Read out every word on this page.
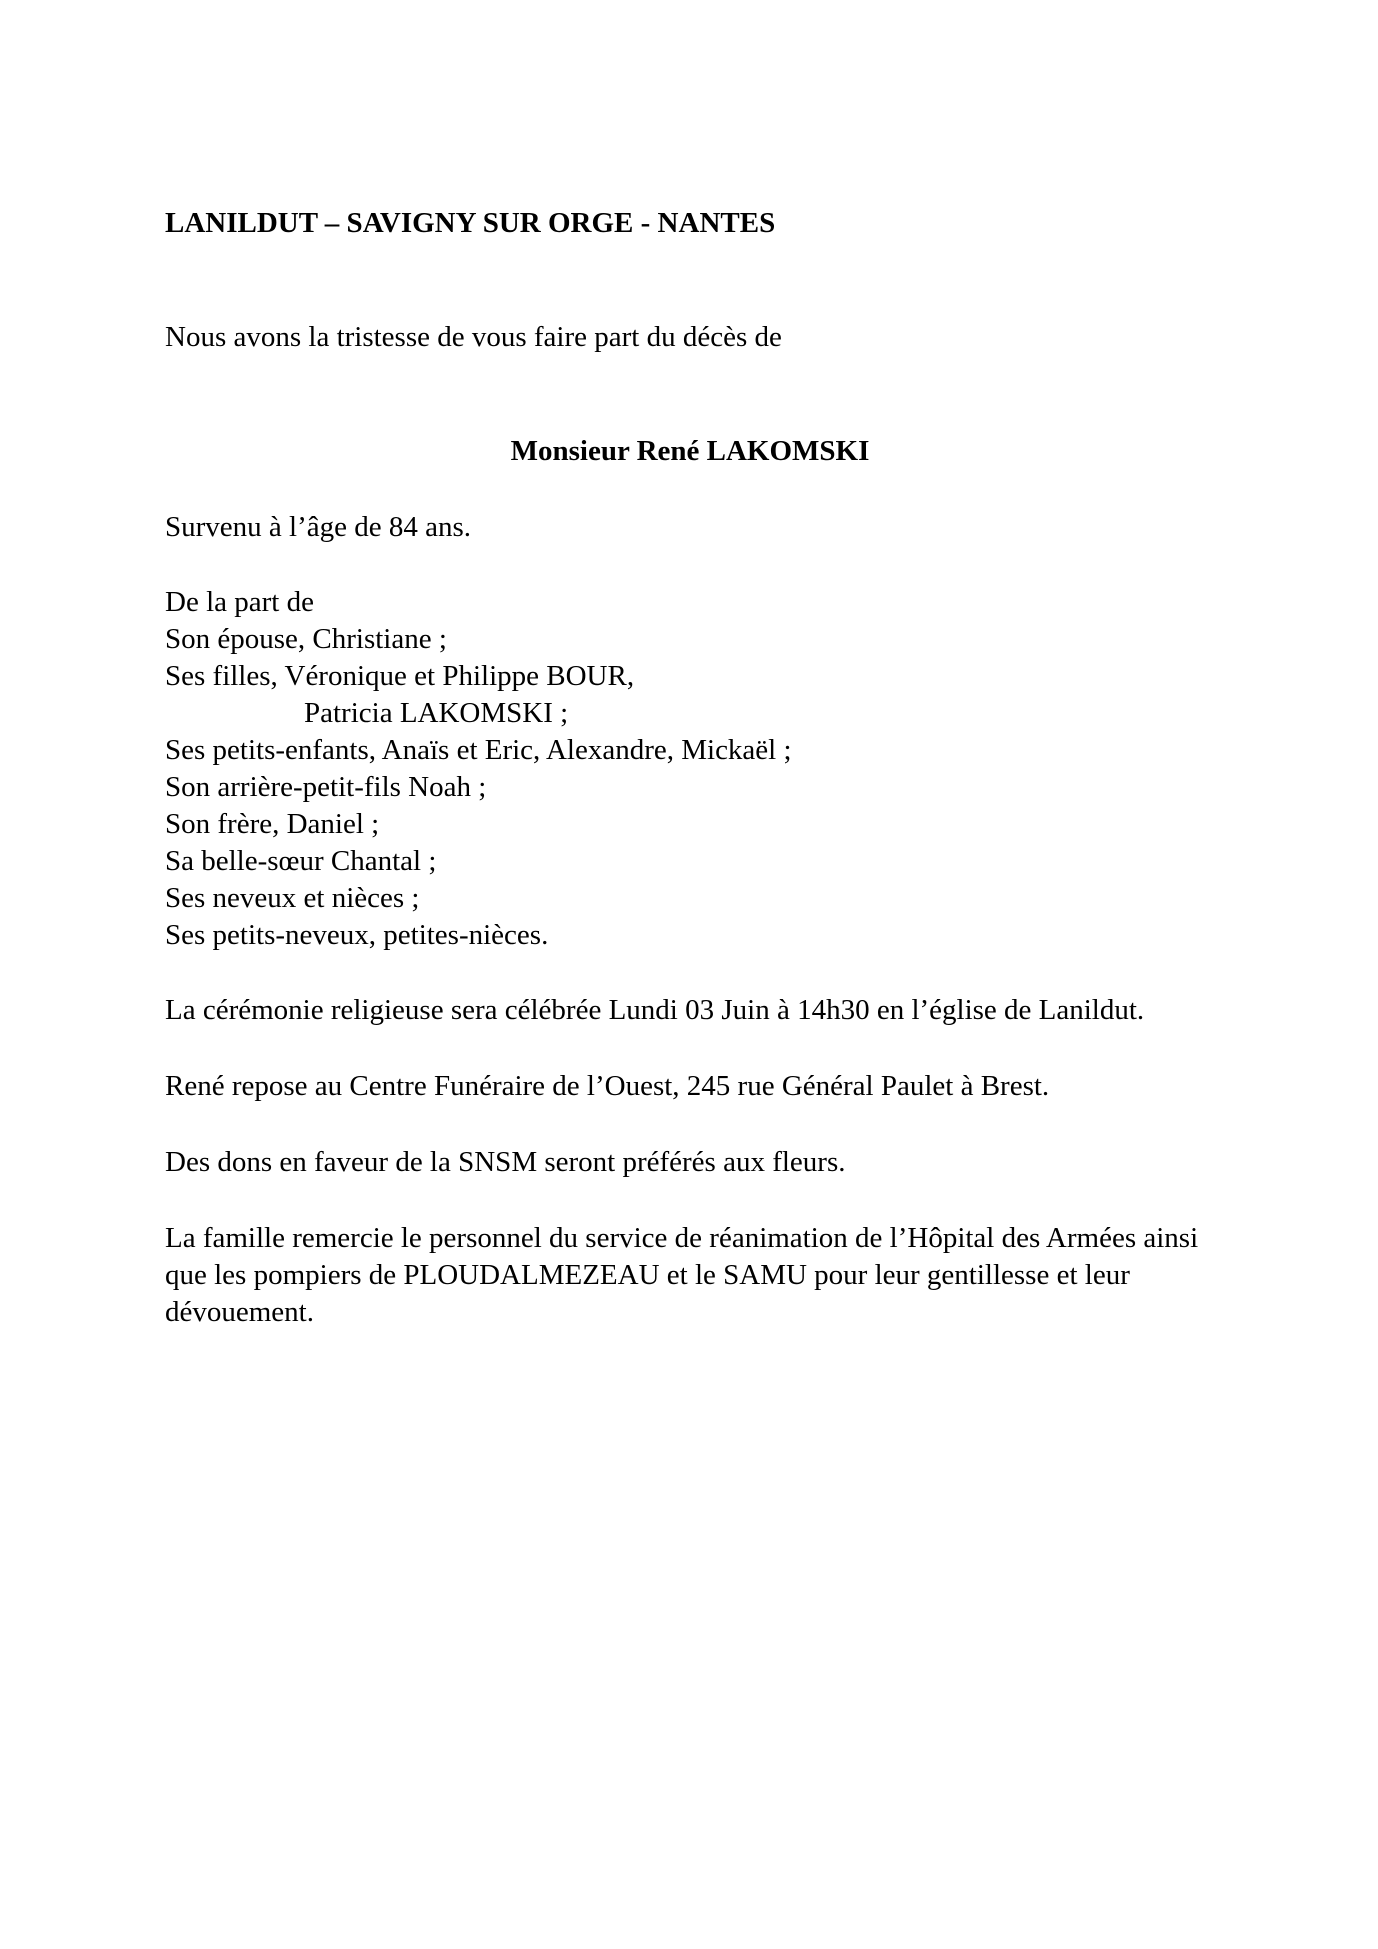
LANILDUT – SAVIGNY SUR ORGE - NANTES

Nous avons la tristesse de vous faire part du décès de

Monsieur René LAKOMSKI

Survenu à l’âge de 84 ans.

De la part de

Son épouse, Christiane ;

Ses filles, Véronique et Philippe BOUR,

Patricia LAKOMSKI ;

Ses petits-enfants, Anaïs et Eric, Alexandre, Mickaël ;

Son arrière-petit-fils Noah ;

Son frère, Daniel ;

Sa belle-sœur Chantal ;

Ses neveux et nièces ;

Ses petits-neveux, petites-nièces.

La cérémonie religieuse sera célébrée Lundi 03 Juin à 14h30 en l’église de Lanildut.

René repose au Centre Funéraire de l’Ouest, 245 rue Général Paulet à Brest.

Des dons en faveur de la SNSM seront préférés aux fleurs.

La famille remercie le personnel du service de réanimation de l’Hôpital des Armées ainsi que les pompiers de PLOUDALMEZEAU et le SAMU pour leur gentillesse et leur dévouement.
